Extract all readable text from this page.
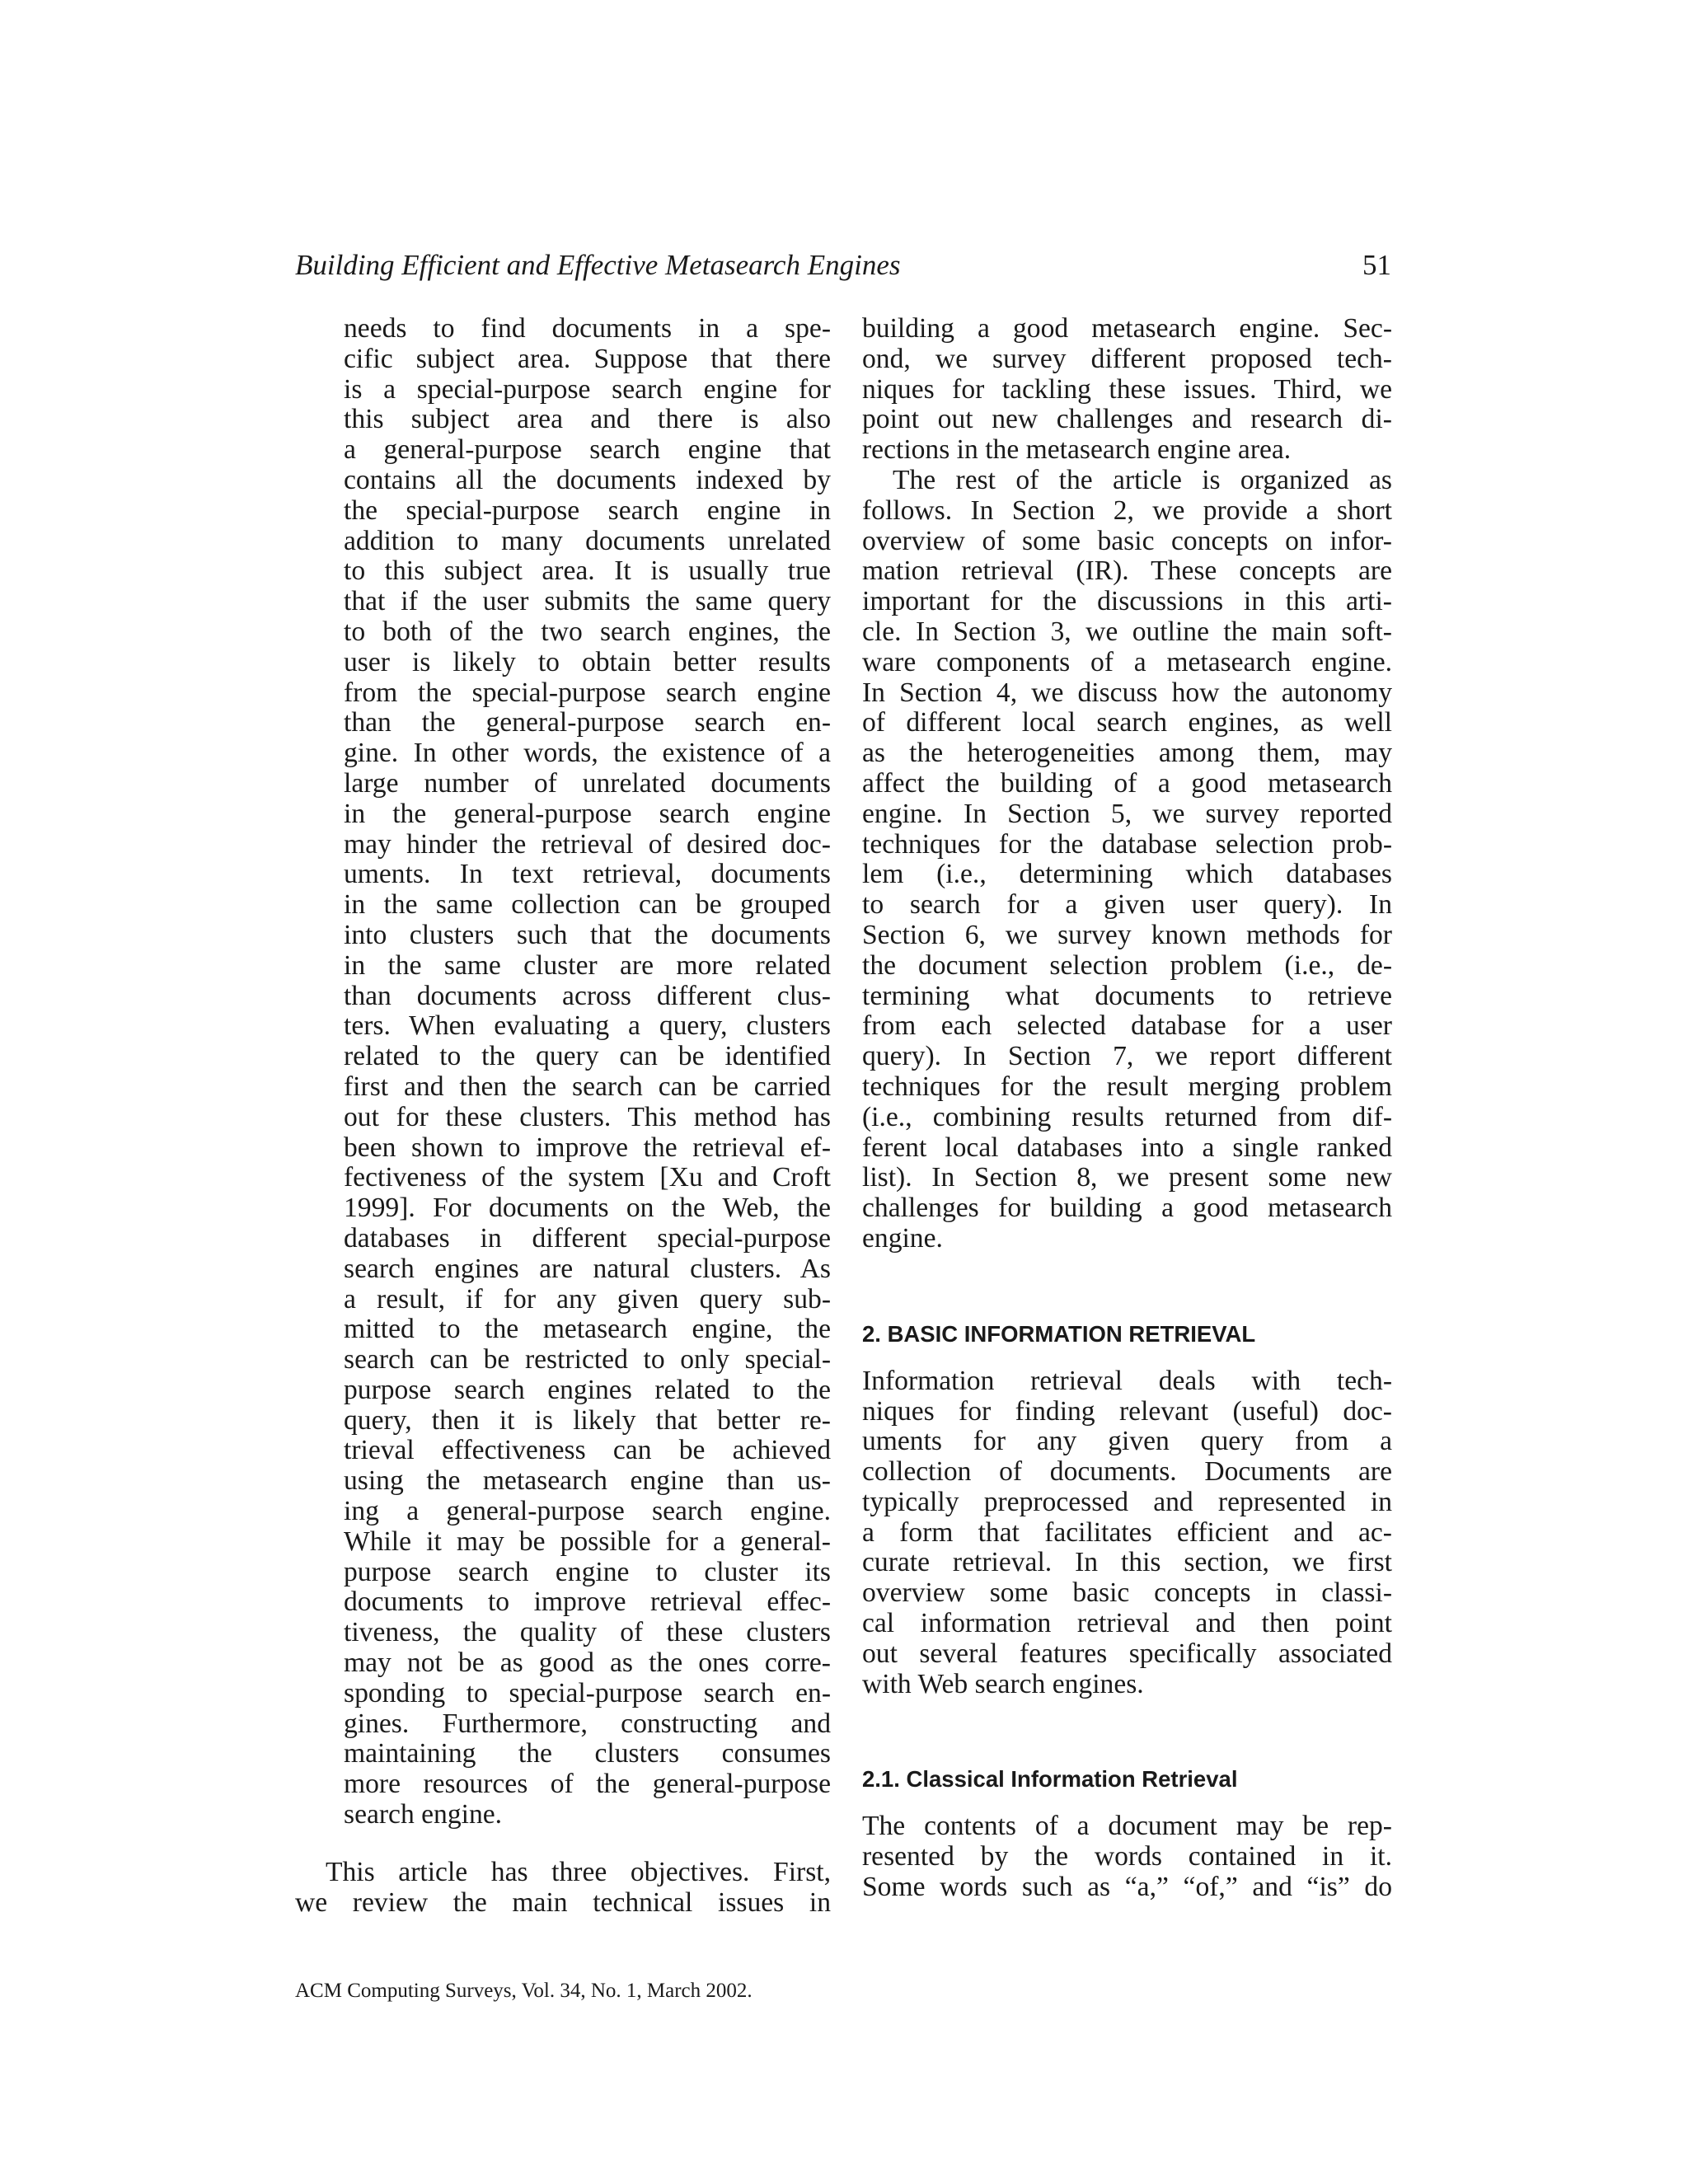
Building Efficient and Effective Metasearch Engines	51
needs to find documents in a spe-
cific subject area. Suppose that there
is a special-purpose search engine for
this subject area and there is also
a general-purpose search engine that
contains all the documents indexed by
the special-purpose search engine in
addition to many documents unrelated
to this subject area. It is usually true
that if the user submits the same query
to both of the two search engines, the
user is likely to obtain better results
from the special-purpose search engine
than the general-purpose search en-
gine. In other words, the existence of a
large number of unrelated documents
in the general-purpose search engine
may hinder the retrieval of desired doc-
uments. In text retrieval, documents
in the same collection can be grouped
into clusters such that the documents
in the same cluster are more related
than documents across different clus-
ters. When evaluating a query, clusters
related to the query can be identified
first and then the search can be carried
out for these clusters. This method has
been shown to improve the retrieval ef-
fectiveness of the system [Xu and Croft
1999]. For documents on the Web, the
databases in different special-purpose
search engines are natural clusters. As
a result, if for any given query sub-
mitted to the metasearch engine, the
search can be restricted to only special-
purpose search engines related to the
query, then it is likely that better re-
trieval effectiveness can be achieved
using the metasearch engine than us-
ing a general-purpose search engine.
While it may be possible for a general-
purpose search engine to cluster its
documents to improve retrieval effec-
tiveness, the quality of these clusters
may not be as good as the ones corre-
sponding to special-purpose search en-
gines. Furthermore, constructing and
maintaining the clusters consumes
more resources of the general-purpose
search engine.
This article has three objectives. First,
we review the main technical issues in
building a good metasearch engine. Sec-
ond, we survey different proposed tech-
niques for tackling these issues. Third, we
point out new challenges and research di-
rections in the metasearch engine area.
The rest of the article is organized as
follows. In Section 2, we provide a short
overview of some basic concepts on infor-
mation retrieval (IR). These concepts are
important for the discussions in this arti-
cle. In Section 3, we outline the main soft-
ware components of a metasearch engine.
In Section 4, we discuss how the autonomy
of different local search engines, as well
as the heterogeneities among them, may
affect the building of a good metasearch
engine. In Section 5, we survey reported
techniques for the database selection prob-
lem (i.e., determining which databases
to search for a given user query). In
Section 6, we survey known methods for
the document selection problem (i.e., de-
termining what documents to retrieve
from each selected database for a user
query). In Section 7, we report different
techniques for the result merging problem
(i.e., combining results returned from dif-
ferent local databases into a single ranked
list). In Section 8, we present some new
challenges for building a good metasearch
engine.
2. BASIC INFORMATION RETRIEVAL
Information retrieval deals with tech-
niques for finding relevant (useful) doc-
uments for any given query from a
collection of documents. Documents are
typically preprocessed and represented in
a form that facilitates efficient and ac-
curate retrieval. In this section, we first
overview some basic concepts in classi-
cal information retrieval and then point
out several features specifically associated
with Web search engines.
2.1. Classical Information Retrieval
The contents of a document may be rep-
resented by the words contained in it.
Some words such as “a,” “of,” and “is” do
ACM Computing Surveys, Vol. 34, No. 1, March 2002.
